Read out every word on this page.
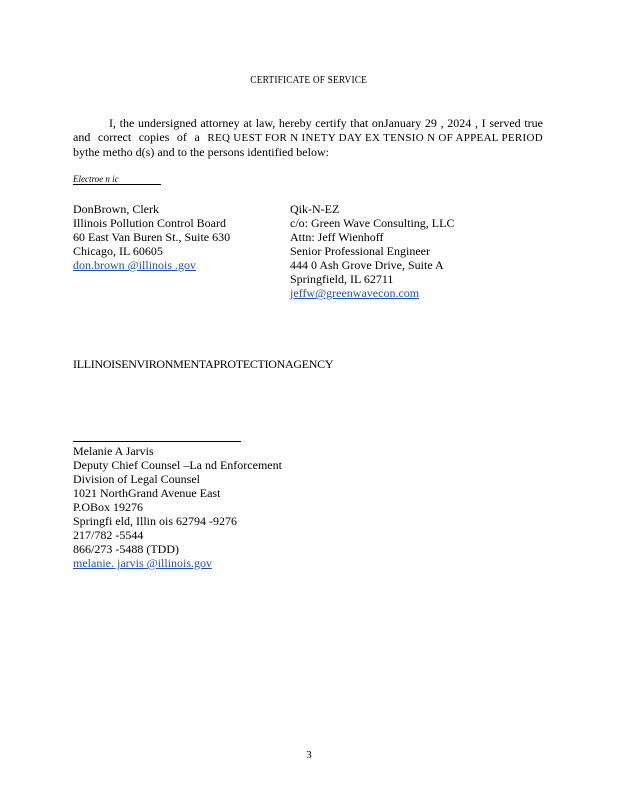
CERTIFICATE OF SERVICE
I, the undersigned attorney at law, hereby certify that onJanuary 29 , 2024 , I served true and correct copies of a REQ UEST FOR N INETY DAY EX TENSIO N OF APPEAL PERIOD bythe metho d(s) and to the persons identified below:
Electroe n ic
DonBrown, Clerk
Illinois Pollution Control Board
60 East Van Buren St., Suite 630
Chicago, IL 60605
don.brown @illinois .gov
Qik-N-EZ
c/o: Green Wave Consulting, LLC
Attn: Jeff Wienhoff
Senior Professional Engineer
444 0 Ash Grove Drive, Suite A
Springfield, IL 62711
jeffw@greenwavecon.com
ILLINOISENVIRONMENTAPROTECTIONAGENCY
Melanie A Jarvis
Deputy Chief Counsel –La nd Enforcement
Division of Legal Counsel
1021 NorthGrand Avenue East
P.OBox 19276
Springfi eld, Illin ois 62794 -9276
217/782 -5544
866/273 -5488 (TDD)
melanie. jarvis @illinois.gov
3
